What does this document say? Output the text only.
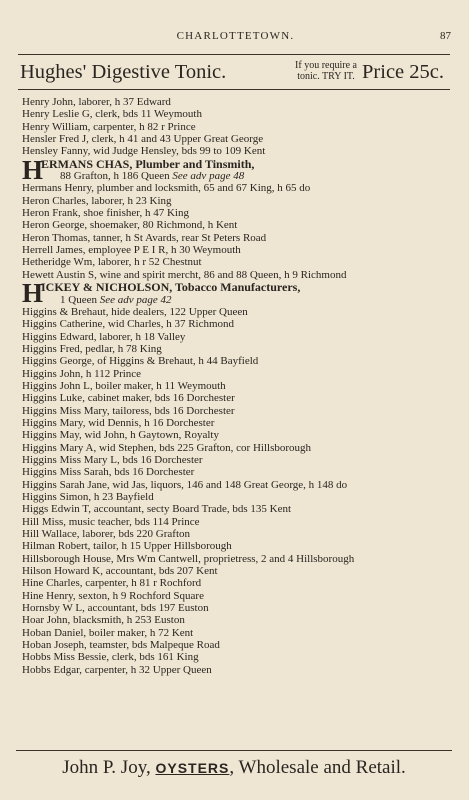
CHARLOTTETOWN.	87
Hughes' Digestive Tonic.	If you require a
tonic. TRY IT. Price 25c.
Henry John, laborer, h 37 Edward
Henry Leslie G, clerk, bds 11 Weymouth
Henry William, carpenter, h 82 r Prince
Hensler Fred J, clerk, h 41 and 43 Upper Great George
Hensley Fanny, wid Judge Hensley, bds 99 to 109 Kent
H
ERMANS CHAS, Plumber and Tinsmith,
88 Grafton, h 186 Queen See adv page 48
Hermans Henry, plumber and locksmith, 65 and 67 King, h 65 do
Heron Charles, laborer, h 23 King
Heron Frank, shoe finisher, h 47 King
Heron George, shoemaker, 80 Richmond, h Kent
Heron Thomas, tanner, h St Avards, rear St Peters Road
Herrell James, employee P E I R, h 30 Weymouth
Hetheridge Wm, laborer, h r 52 Chestnut
Hewett Austin S, wine and spirit mercht, 86 and 88 Queen, h 9 Richmond
H
ICKEY & NICHOLSON, Tobacco Manufacturers,
1 Queen See adv page 42
Higgins & Brehaut, hide dealers, 122 Upper Queen
Higgins Catherine, wid Charles, h 37 Richmond
Higgins Edward, laborer, h 18 Valley
Higgins Fred, pedlar, h 78 King
Higgins George, of Higgins & Brehaut, h 44 Bayfield
Higgins John, h 112 Prince
Higgins John L, boiler maker, h 11 Weymouth
Higgins Luke, cabinet maker, bds 16 Dorchester
Higgins Miss Mary, tailoress, bds 16 Dorchester
Higgins Mary, wid Dennis, h 16 Dorchester
Higgins May, wid John, h Gaytown, Royalty
Higgins Mary A, wid Stephen, bds 225 Grafton, cor Hillsborough
Higgins Miss Mary L, bds 16 Dorchester
Higgins Miss Sarah, bds 16 Dorchester
Higgins Sarah Jane, wid Jas, liquors, 146 and 148 Great George, h 148 do
Higgins Simon, h 23 Bayfield
Higgs Edwin T, accountant, secty Board Trade, bds 135 Kent
Hill Miss, music teacher, bds 114 Prince
Hill Wallace, laborer, bds 220 Grafton
Hilman Robert, tailor, h 15 Upper Hillsborough
Hillsborough House, Mrs Wm Cantwell, proprietress, 2 and 4 Hillsborough
Hilson Howard K, accountant, bds 207 Kent
Hine Charles, carpenter, h 81 r Rochford
Hine Henry, sexton, h 9 Rochford Square
Hornsby W L, accountant, bds 197 Euston
Hoar John, blacksmith, h 253 Euston
Hoban Daniel, boiler maker, h 72 Kent
Hoban Joseph, teamster, bds Malpeque Road
Hobbs Miss Bessie, clerk, bds 161 King
Hobbs Edgar, carpenter, h 32 Upper Queen
John P. Joy, OYSTERS, Wholesale and Retail.
